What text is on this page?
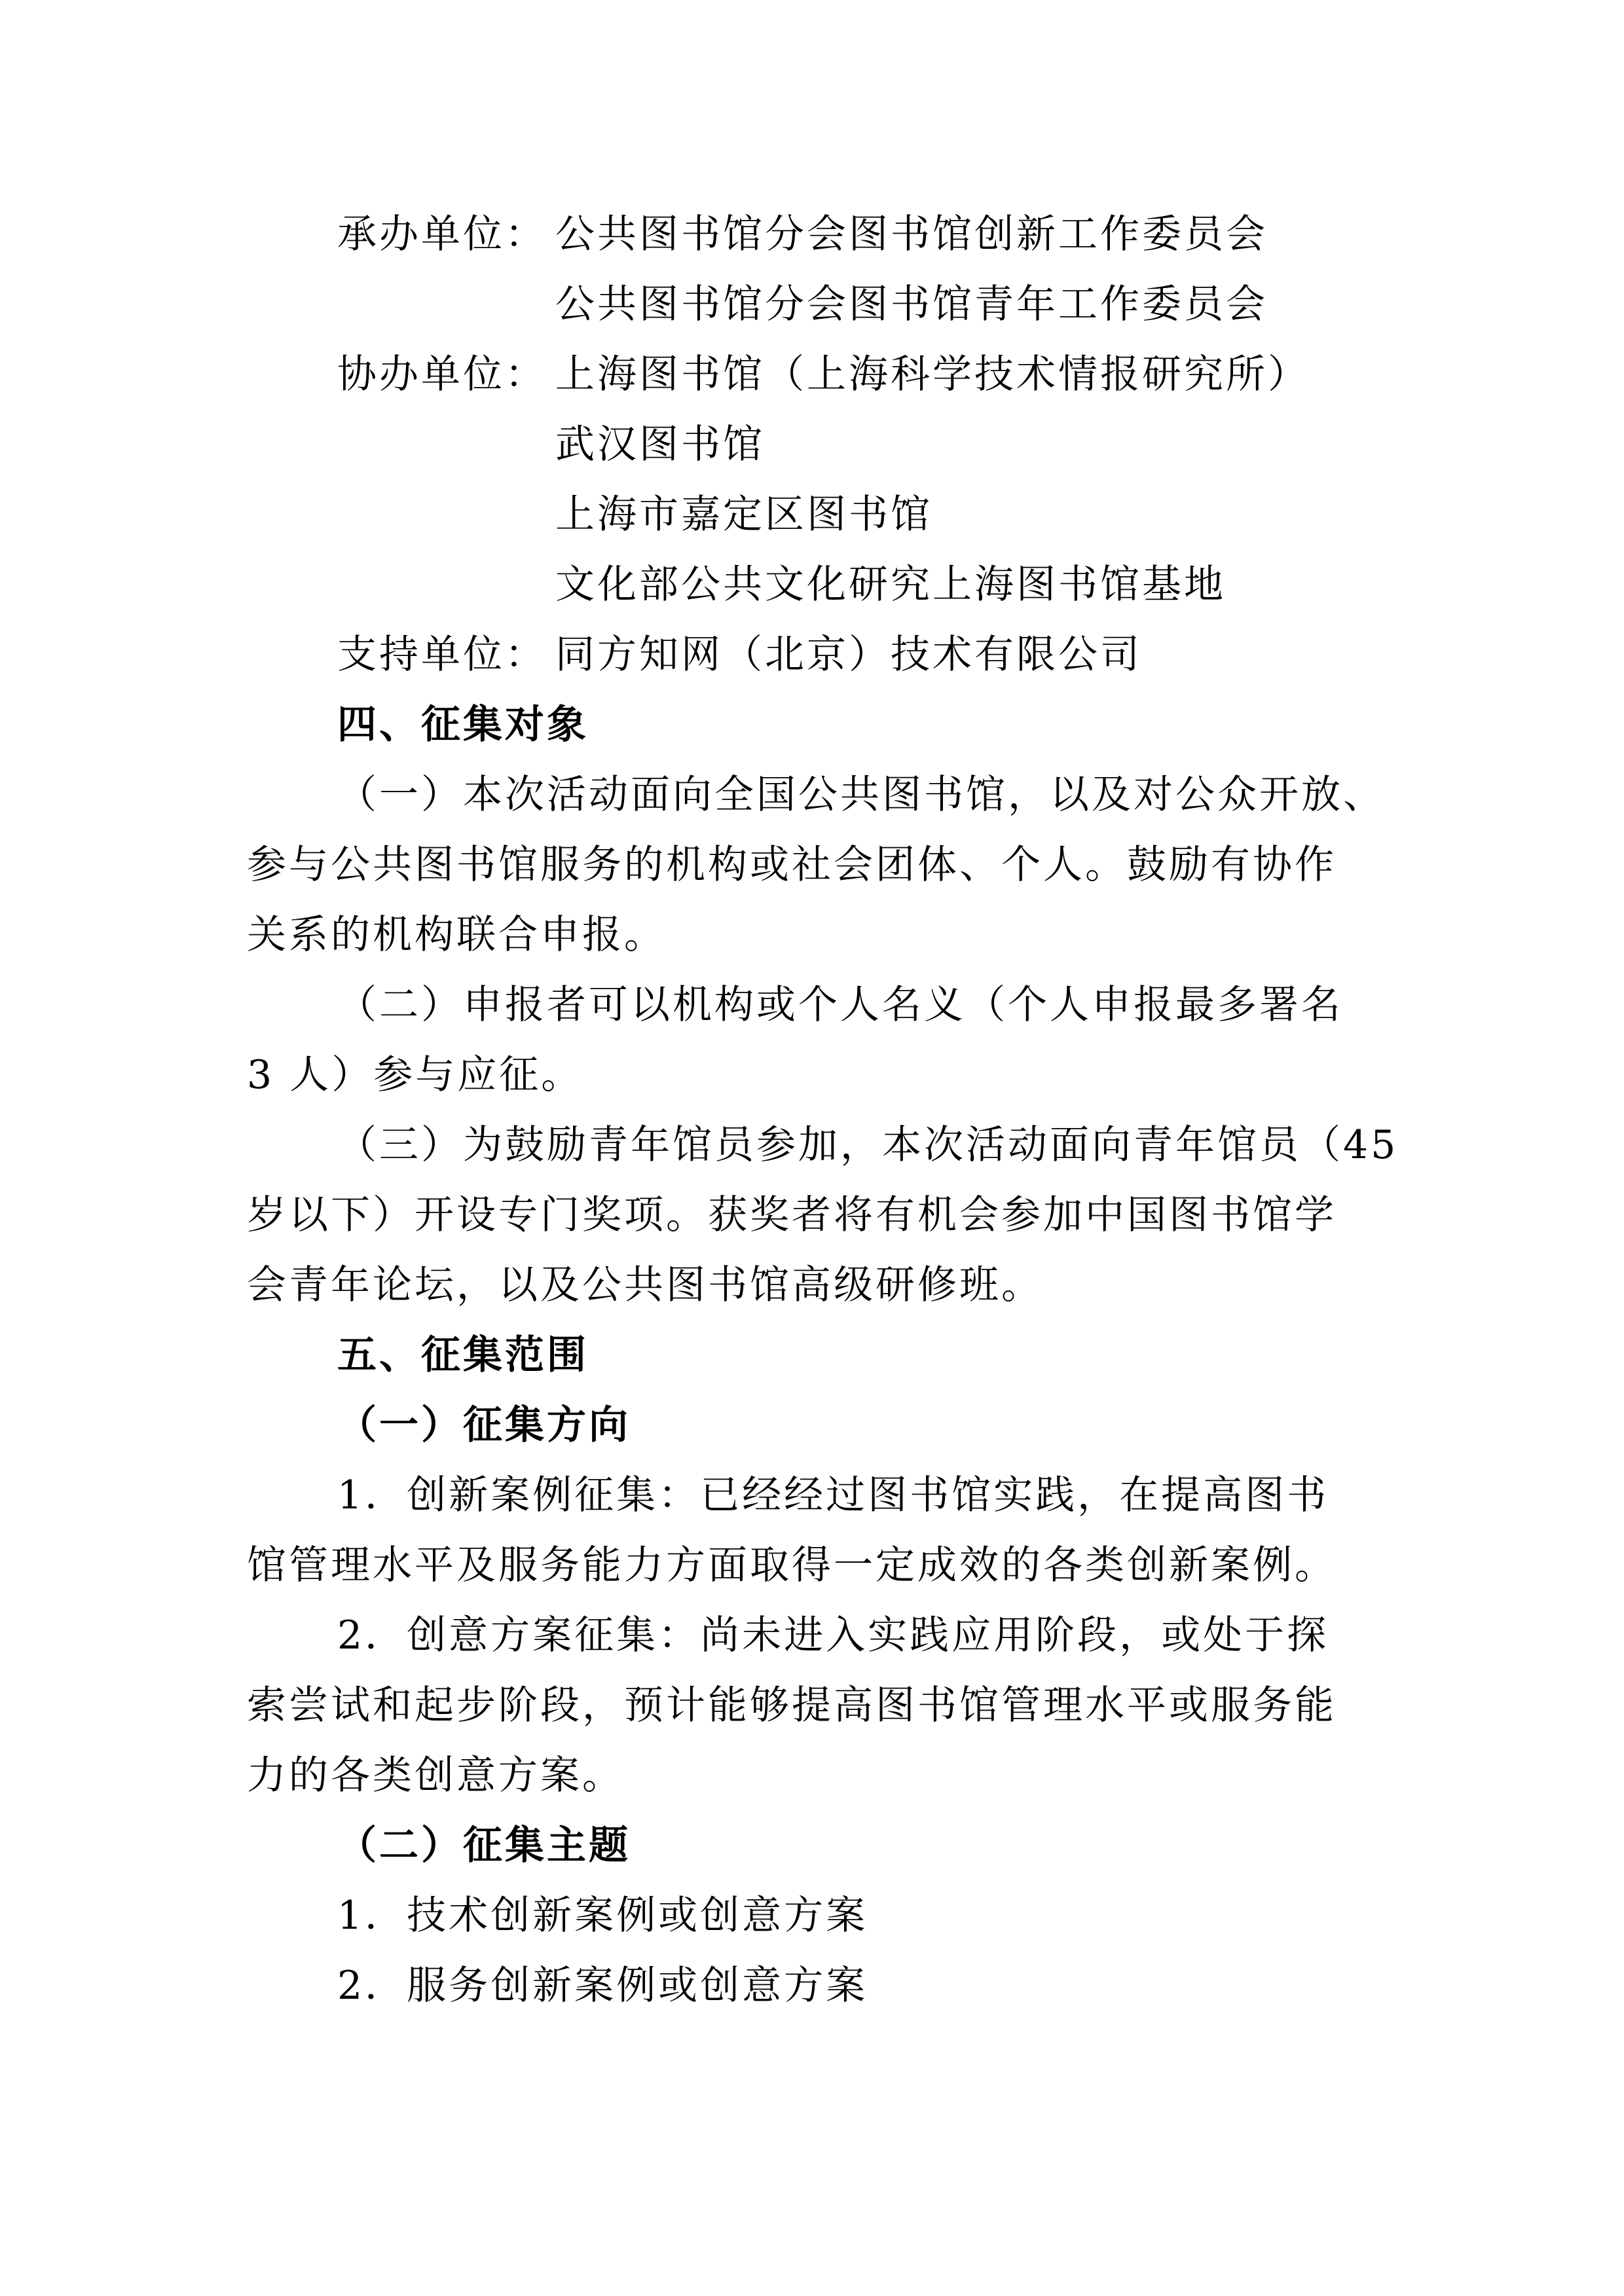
承办单位： 公共图书馆分会图书馆创新工作委员会
公共图书馆分会图书馆青年工作委员会
协办单位： 上海图书馆（上海科学技术情报研究所）
武汉图书馆
上海市嘉定区图书馆
文化部公共文化研究上海图书馆基地
支持单位： 同方知网（北京）技术有限公司
四、征集对象
（一）本次活动面向全国公共图书馆，以及对公众开放、
参与公共图书馆服务的机构或社会团体、个人。鼓励有协作
关系的机构联合申报。
（二）申报者可以机构或个人名义（个人申报最多署名
3 人）参与应征。
（三）为鼓励青年馆员参加，本次活动面向青年馆员（45
岁以下）开设专门奖项。获奖者将有机会参加中国图书馆学
会青年论坛，以及公共图书馆高级研修班。
五、征集范围
（一）征集方向
1．创新案例征集：已经经过图书馆实践，在提高图书
馆管理水平及服务能力方面取得一定成效的各类创新案例。
2．创意方案征集：尚未进入实践应用阶段，或处于探
索尝试和起步阶段，预计能够提高图书馆管理水平或服务能
力的各类创意方案。
（二）征集主题
1．技术创新案例或创意方案
2．服务创新案例或创意方案
